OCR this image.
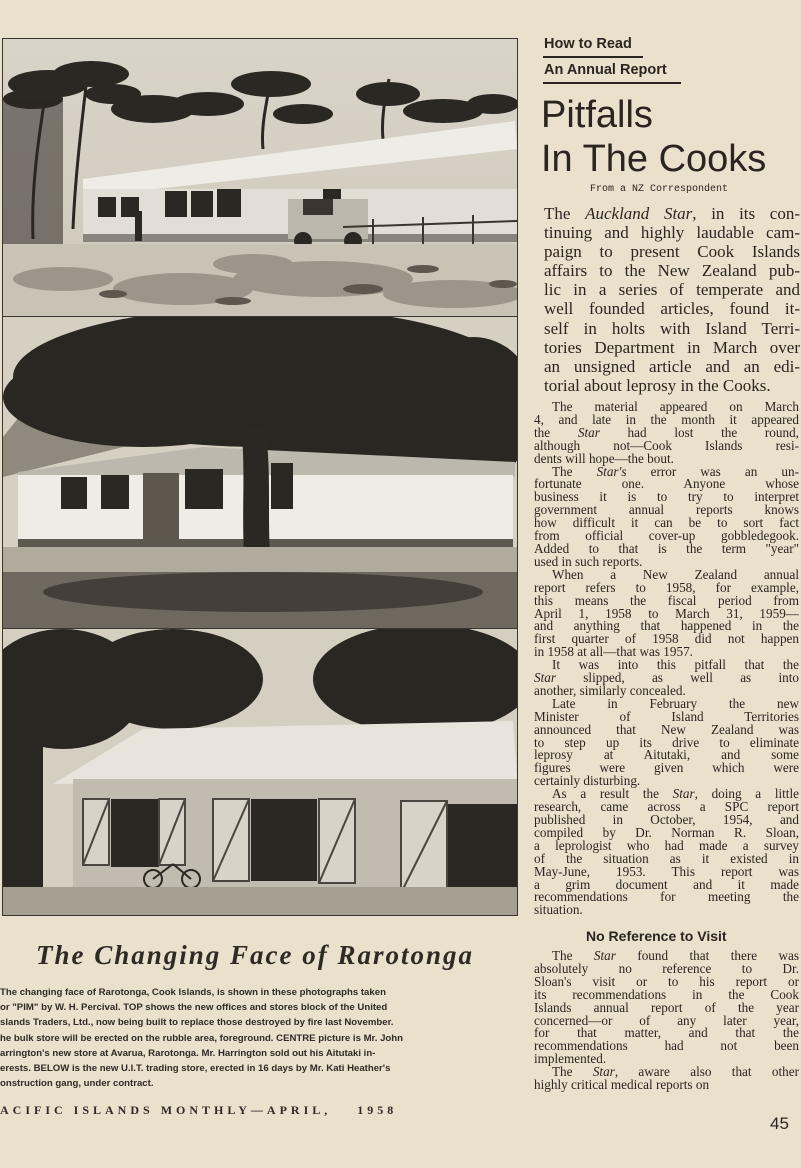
The Changing Face of Rarotonga
The changing face of Rarotonga, Cook Islands, is shown in these photographs taken
or "PIM" by W. H. Percival. TOP shows the new offices and stores block of the United
slands Traders, Ltd., now being built to replace those destroyed by fire last November.
he bulk store will be erected on the rubble area, foreground. CENTRE picture is Mr. John
arrington's new store at Avarua, Rarotonga. Mr. Harrington sold out his Aitutaki in-
erests. BELOW is the new U.I.T. trading store, erected in 16 days by Mr. Kati Heather's
onstruction gang, under contract.
ACIFIC ISLANDS MONTHLY—APRIL, 1958
How to Read
An Annual Report
Pitfalls
In The Cooks
From a NZ Correspondent
The Auckland Star, in its con-
tinuing and highly laudable cam-
paign to present Cook Islands
affairs to the New Zealand pub-
lic in a series of temperate and
well founded articles, found it-
self in holts with Island Terri-
tories Department in March over
an unsigned article and an edi-
torial about leprosy in the Cooks.
The material appeared on March
4, and late in the month it appeared
the Star had lost the round,
although not—Cook Islands resi-
dents will hope—the bout.
The Star's error was an un-
fortunate one. Anyone whose
business it is to try to interpret
government annual reports knows
how difficult it can be to sort fact
from official cover-up gobbledegook.
Added to that is the term "year"
used in such reports.
When a New Zealand annual
report refers to 1958, for example,
this means the fiscal period from
April 1, 1958 to March 31, 1959—
and anything that happened in the
first quarter of 1958 did not happen
in 1958 at all—that was 1957.
It was into this pitfall that the
Star slipped, as well as into
another, similarly concealed.
Late in February the new
Minister of Island Territories
announced that New Zealand was
to step up its drive to eliminate
leprosy at Aitutaki, and some
figures were given which were
certainly disturbing.
As a result the Star, doing a little
research, came across a SPC report
published in October, 1954, and
compiled by Dr. Norman R. Sloan,
a leprologist who had made a survey
of the situation as it existed in
May-June, 1953. This report was
a grim document and it made
recommendations for meeting the
situation.
No Reference to Visit
The Star found that there was
absolutely no reference to Dr.
Sloan's visit or to his report or
its recommendations in the Cook
Islands annual report of the year
concerned—or of any later year,
for that matter, and that the
recommendations had not been
implemented.
The Star, aware also that other
highly critical medical reports on
45
